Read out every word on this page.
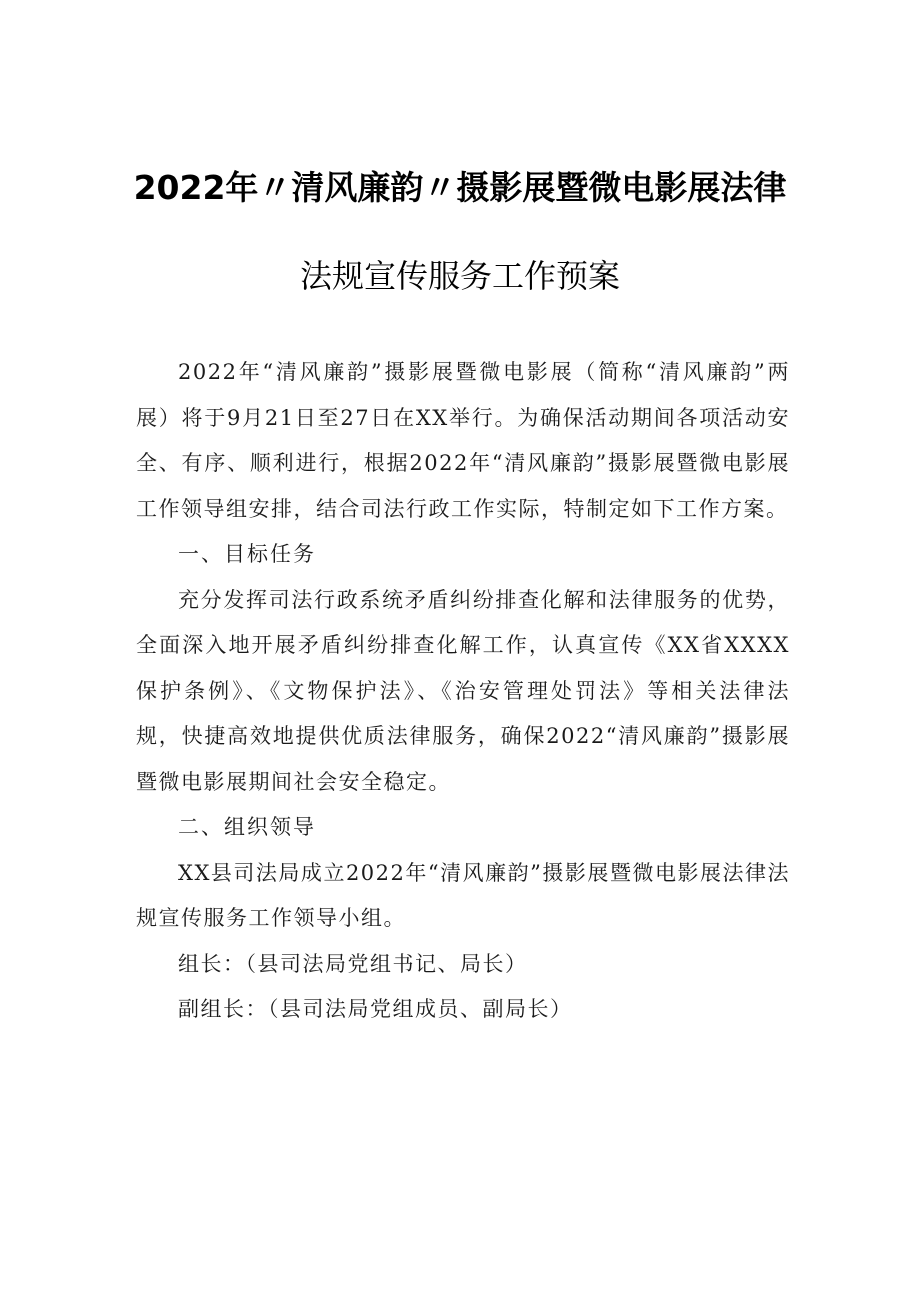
2022年〃清风廉韵〃摄影展暨微电影展法律
法规宣传服务工作预案

2022年“清风廉韵”摄影展暨微电影展（简称“清风廉韵”两展）将于9月21日至27日在XX举行。为确保活动期间各项活动安全、有序、顺利进行，根据2022年“清风廉韵”摄影展暨微电影展工作领导组安排，结合司法行政工作实际，特制定如下工作方案。

一、目标任务

充分发挥司法行政系统矛盾纠纷排查化解和法律服务的优势，全面深入地开展矛盾纠纷排查化解工作，认真宣传《XX省XXXX保护条例》、《文物保护法》、《治安管理处罚法》等相关法律法规，快捷高效地提供优质法律服务，确保2022“清风廉韵”摄影展暨微电影展期间社会安全稳定。

二、组织领导

XX县司法局成立2022年“清风廉韵”摄影展暨微电影展法律法规宣传服务工作领导小组。

组长：（县司法局党组书记、局长）

副组长：（县司法局党组成员、副局长）
